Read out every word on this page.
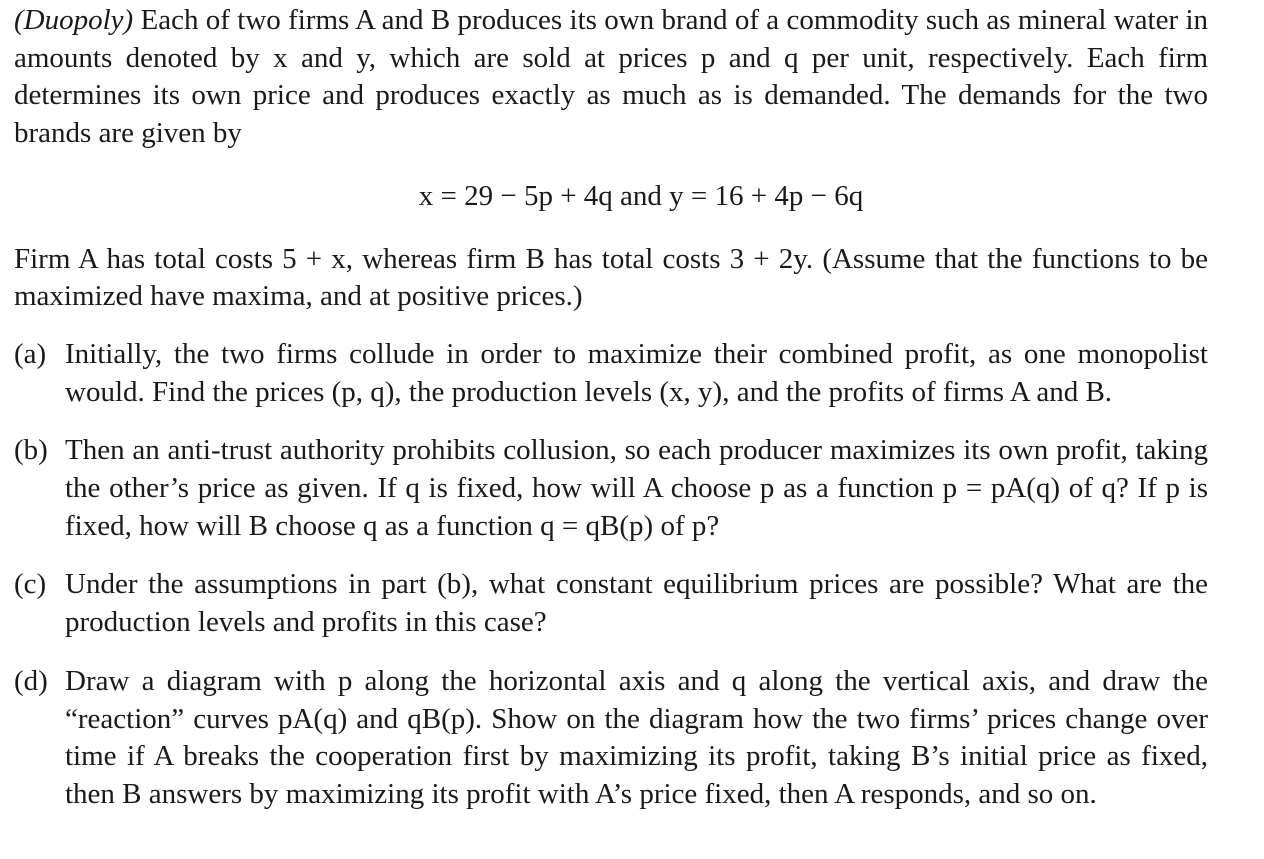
(Duopoly) Each of two firms A and B produces its own brand of a commodity such as mineral water in amounts denoted by x and y, which are sold at prices p and q per unit, respectively. Each firm determines its own price and produces exactly as much as is demanded. The demands for the two brands are given by

x = 29 − 5p + 4q and y = 16 + 4p − 6q

Firm A has total costs 5 + x, whereas firm B has total costs 3 + 2y. (Assume that the functions to be maximized have maxima, and at positive prices.)

(a) Initially, the two firms collude in order to maximize their combined profit, as one monopolist would. Find the prices (p, q), the production levels (x, y), and the profits of firms A and B.
(b) Then an anti-trust authority prohibits collusion, so each producer maximizes its own profit, taking the other’s price as given. If q is fixed, how will A choose p as a function p = pA(q) of q? If p is fixed, how will B choose q as a function q = qB(p) of p?
(c) Under the assumptions in part (b), what constant equilibrium prices are possible? What are the production levels and profits in this case?
(d) Draw a diagram with p along the horizontal axis and q along the vertical axis, and draw the “reaction” curves pA(q) and qB(p). Show on the diagram how the two firms’ prices change over time if A breaks the cooperation first by maximizing its profit, taking B’s initial price as fixed, then B answers by maximizing its profit with A’s price fixed, then A responds, and so on.
